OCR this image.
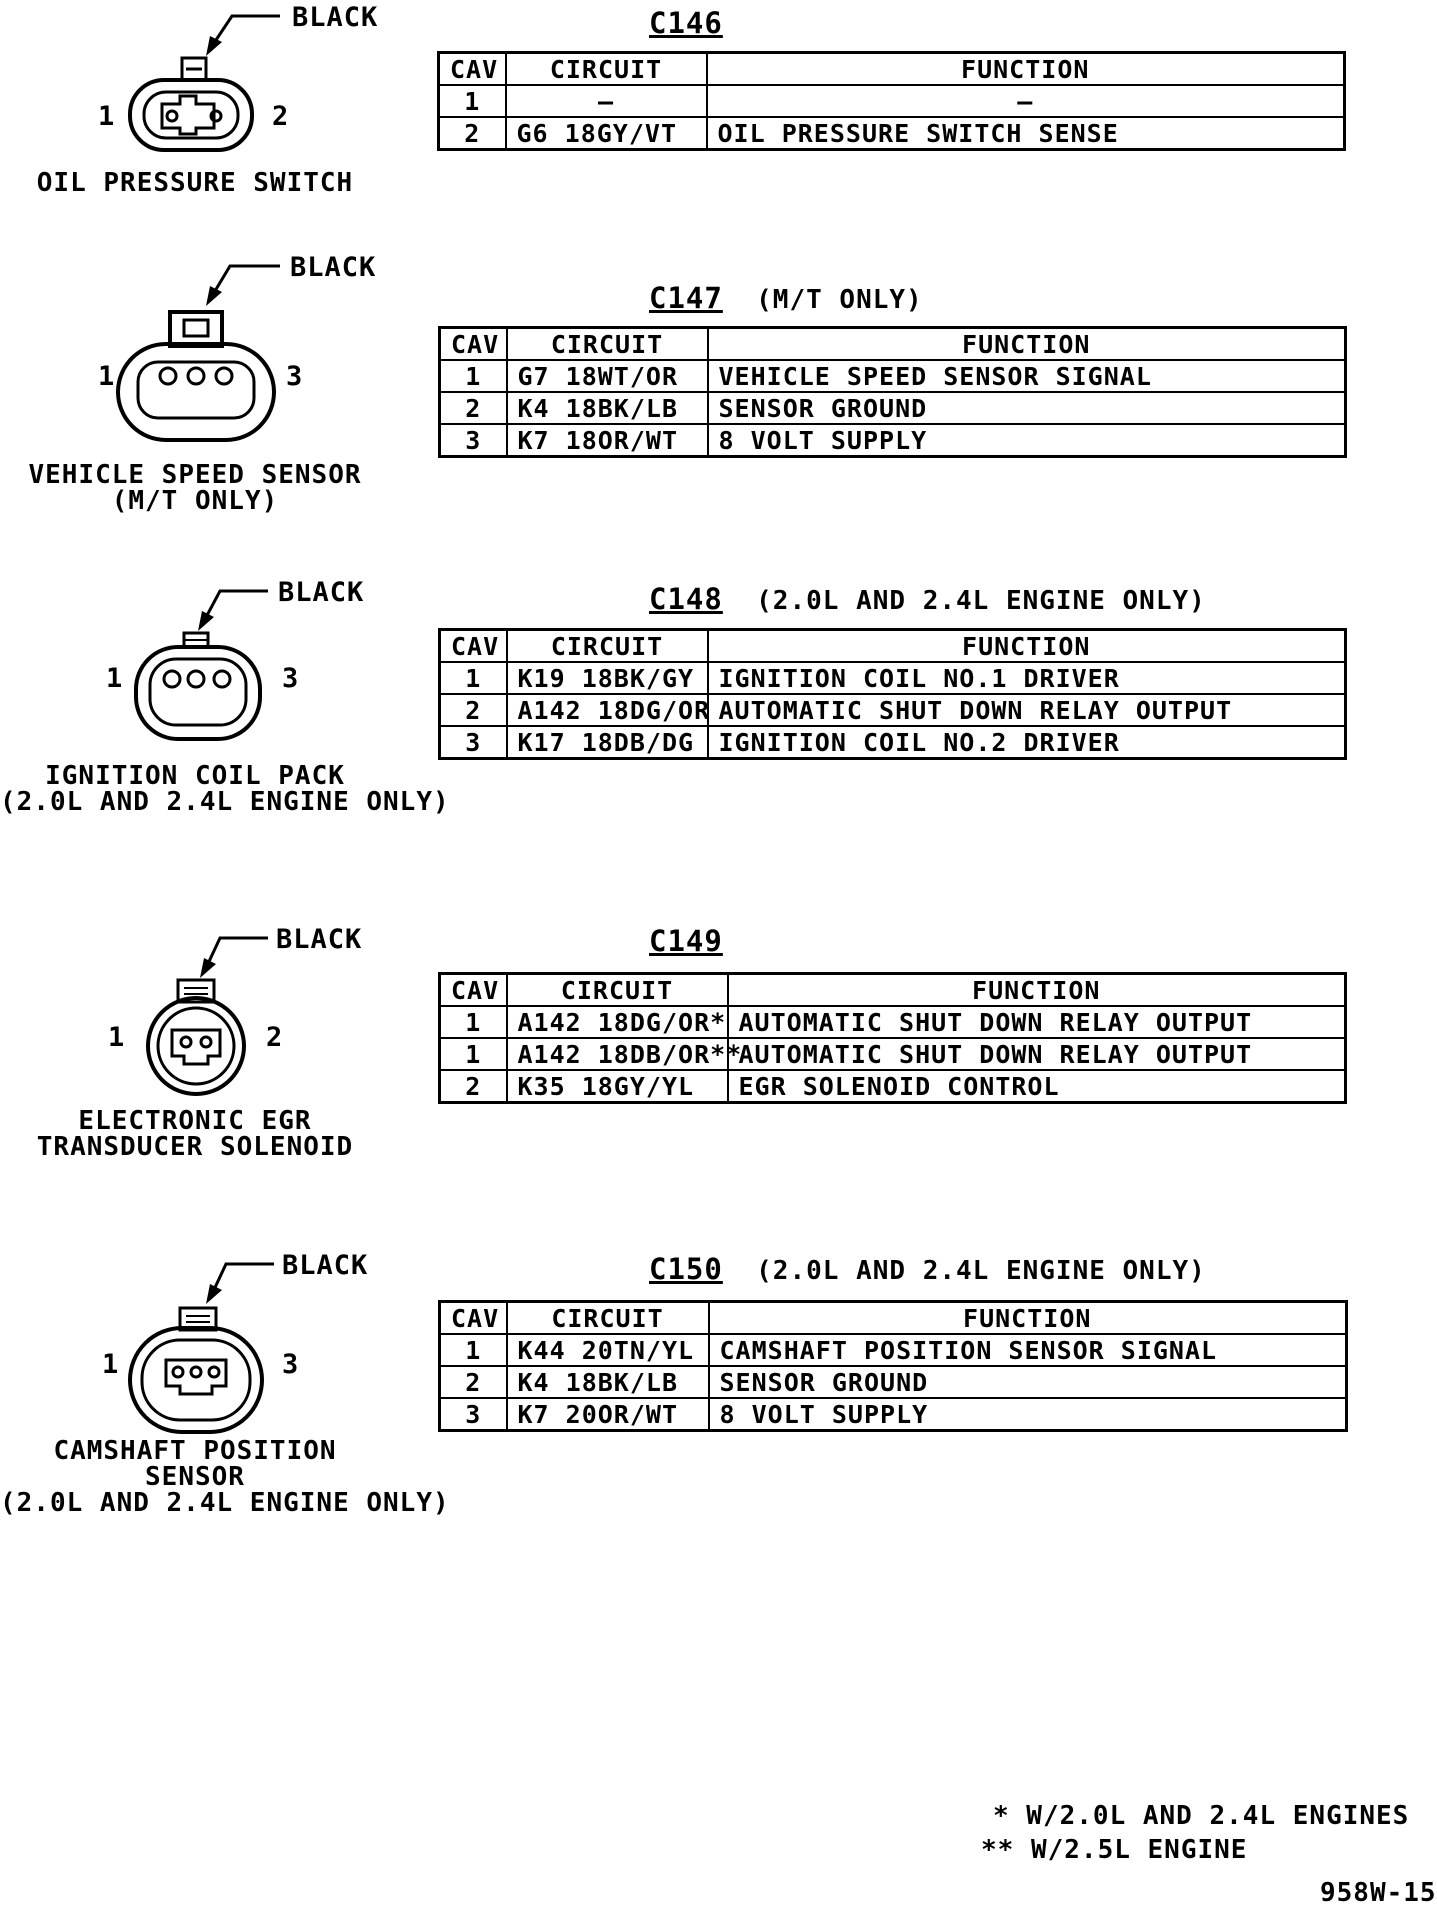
BLACK
1	2
OIL PRESSURE SWITCH
C146
CAV	CIRCUIT	FUNCTION
1	–	–
2	G6 18GY/VT	OIL PRESSURE SWITCH SENSE
BLACK
1	3
VEHICLE SPEED SENSOR
(M/T ONLY)
C147 (M/T ONLY)
CAV	CIRCUIT	FUNCTION
1	G7 18WT/OR	VEHICLE SPEED SENSOR SIGNAL
2	K4 18BK/LB	SENSOR GROUND
3	K7 18OR/WT	8 VOLT SUPPLY
BLACK
1	3
IGNITION COIL PACK
(2.0L AND 2.4L ENGINE ONLY)
C148 (2.0L AND 2.4L ENGINE ONLY)
CAV	CIRCUIT	FUNCTION
1	K19 18BK/GY	IGNITION COIL NO.1 DRIVER
2	A142 18DG/OR	AUTOMATIC SHUT DOWN RELAY OUTPUT
3	K17 18DB/DG	IGNITION COIL NO.2 DRIVER
BLACK
1	2
ELECTRONIC EGR
TRANSDUCER SOLENOID
C149
CAV	CIRCUIT	FUNCTION
1	A142 18DG/OR*	AUTOMATIC SHUT DOWN RELAY OUTPUT
1	A142 18DB/OR**	AUTOMATIC SHUT DOWN RELAY OUTPUT
2	K35 18GY/YL	EGR SOLENOID CONTROL
BLACK
1	3
CAMSHAFT POSITION
SENSOR
(2.0L AND 2.4L ENGINE ONLY)
C150 (2.0L AND 2.4L ENGINE ONLY)
CAV	CIRCUIT	FUNCTION
1	K44 20TN/YL	CAMSHAFT POSITION SENSOR SIGNAL
2	K4 18BK/LB	SENSOR GROUND
3	K7 20OR/WT	8 VOLT SUPPLY
* W/2.0L AND 2.4L ENGINES
** W/2.5L ENGINE
958W-15
